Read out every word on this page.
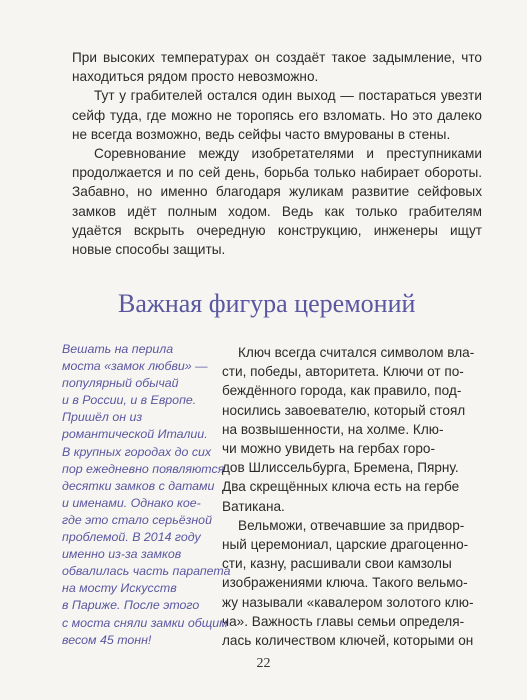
При высоких температурах он создаёт такое задымление, что находиться рядом просто невозможно.

Тут у грабителей остался один выход — постараться увезти сейф туда, где можно не торопясь его взломать. Но это далеко не всегда возможно, ведь сейфы часто вмурованы в стены.

Соревнование между изобретателями и преступниками продолжается и по сей день, борьба только набирает обороты. Забавно, но именно благодаря жуликам развитие сейфовых замков идёт полным ходом. Ведь как только грабителям удаётся вскрыть очередную конструкцию, инженеры ищут новые способы защиты.

Важная фигура церемоний
Вешать на перила
моста «замок любви» —
популярный обычай
и в России, и в Европе.
Пришёл он из
романтической Италии.
В крупных городах до сих
пор ежедневно появляются
десятки замков с датами
и именами. Однако кое-
где это стало серьёзной
проблемой. В 2014 году
именно из-за замков
обвалилась часть парапета
на мосту Искусств
в Париже. После этого
с моста сняли замки общим
весом 45 тонн!
Ключ всегда считался символом вла-
сти, победы, авторитета. Ключи от по-
беждённого города, как правило, под-
носились завоевателю, который стоял
на возвышенности, на холме. Клю-
чи можно увидеть на гербах горо-
дов Шлиссельбурга, Бремена, Пярну.
Два скрещённых ключа есть на гербе
Ватикана.
Вельможи, отвечавшие за придвор-
ный церемониал, царские драгоценно-
сти, казну, расшивали свои камзолы
изображениями ключа. Такого вельмо-
жу называли «кавалером золотого клю-
ча». Важность главы семьи определя-
лась количеством ключей, которыми он
22
